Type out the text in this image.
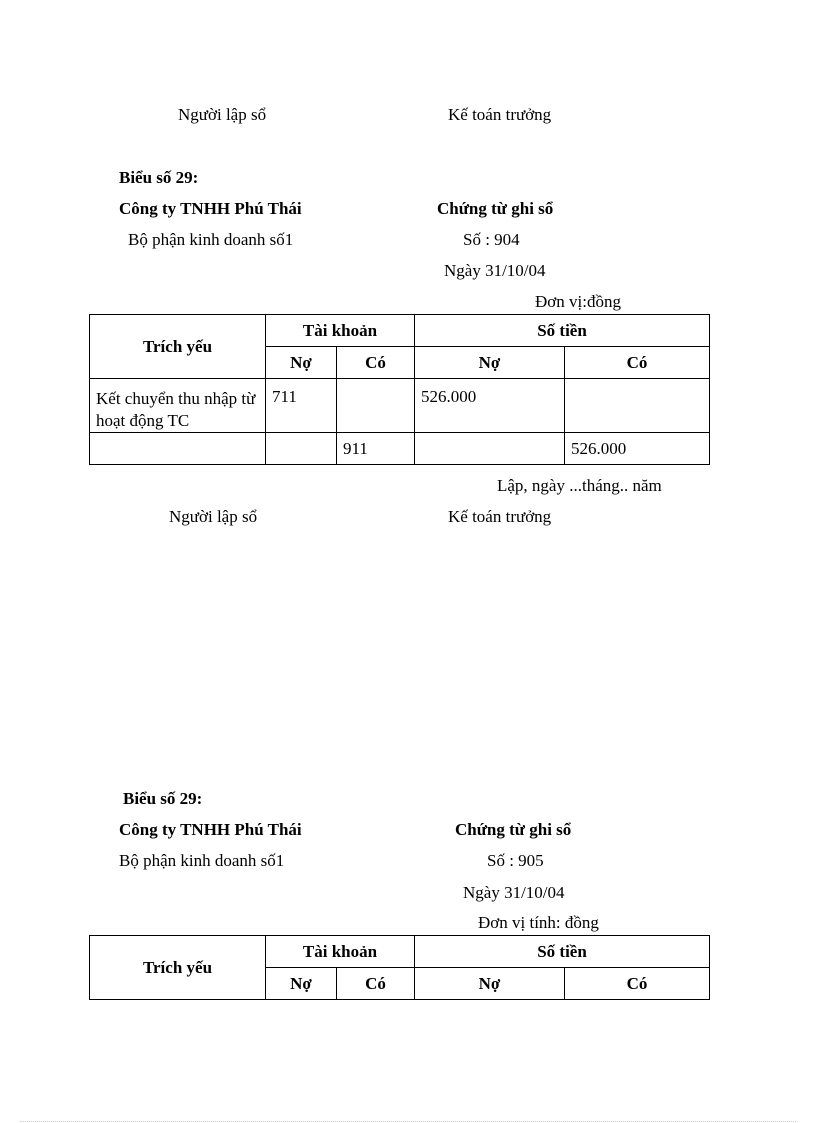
Người lập sổ	Kế toán trưởng
Biểu số 29:
Công ty TNHH Phú Thái	Chứng từ ghi sổ
Bộ phận kinh doanh số1	Số : 904
Ngày 31/10/04
Đơn vị:đồng
Trích yếu	Tài khoản		Số tiền	
	Nợ	Có	Nợ	Có
Kết chuyển thu nhập từ hoạt động TC	711		526.000	
		911		526.000
Lập, ngày ...tháng.. năm
Người lập sổ	Kế toán trưởng
Biểu số 29:
Công ty TNHH Phú Thái	Chứng từ ghi sổ
Bộ phận kinh doanh số1	Số : 905
Ngày 31/10/04
Đơn vị tính: đồng
Trích yếu	Tài khoản		Số tiền	
	Nợ	Có	Nợ	Có
